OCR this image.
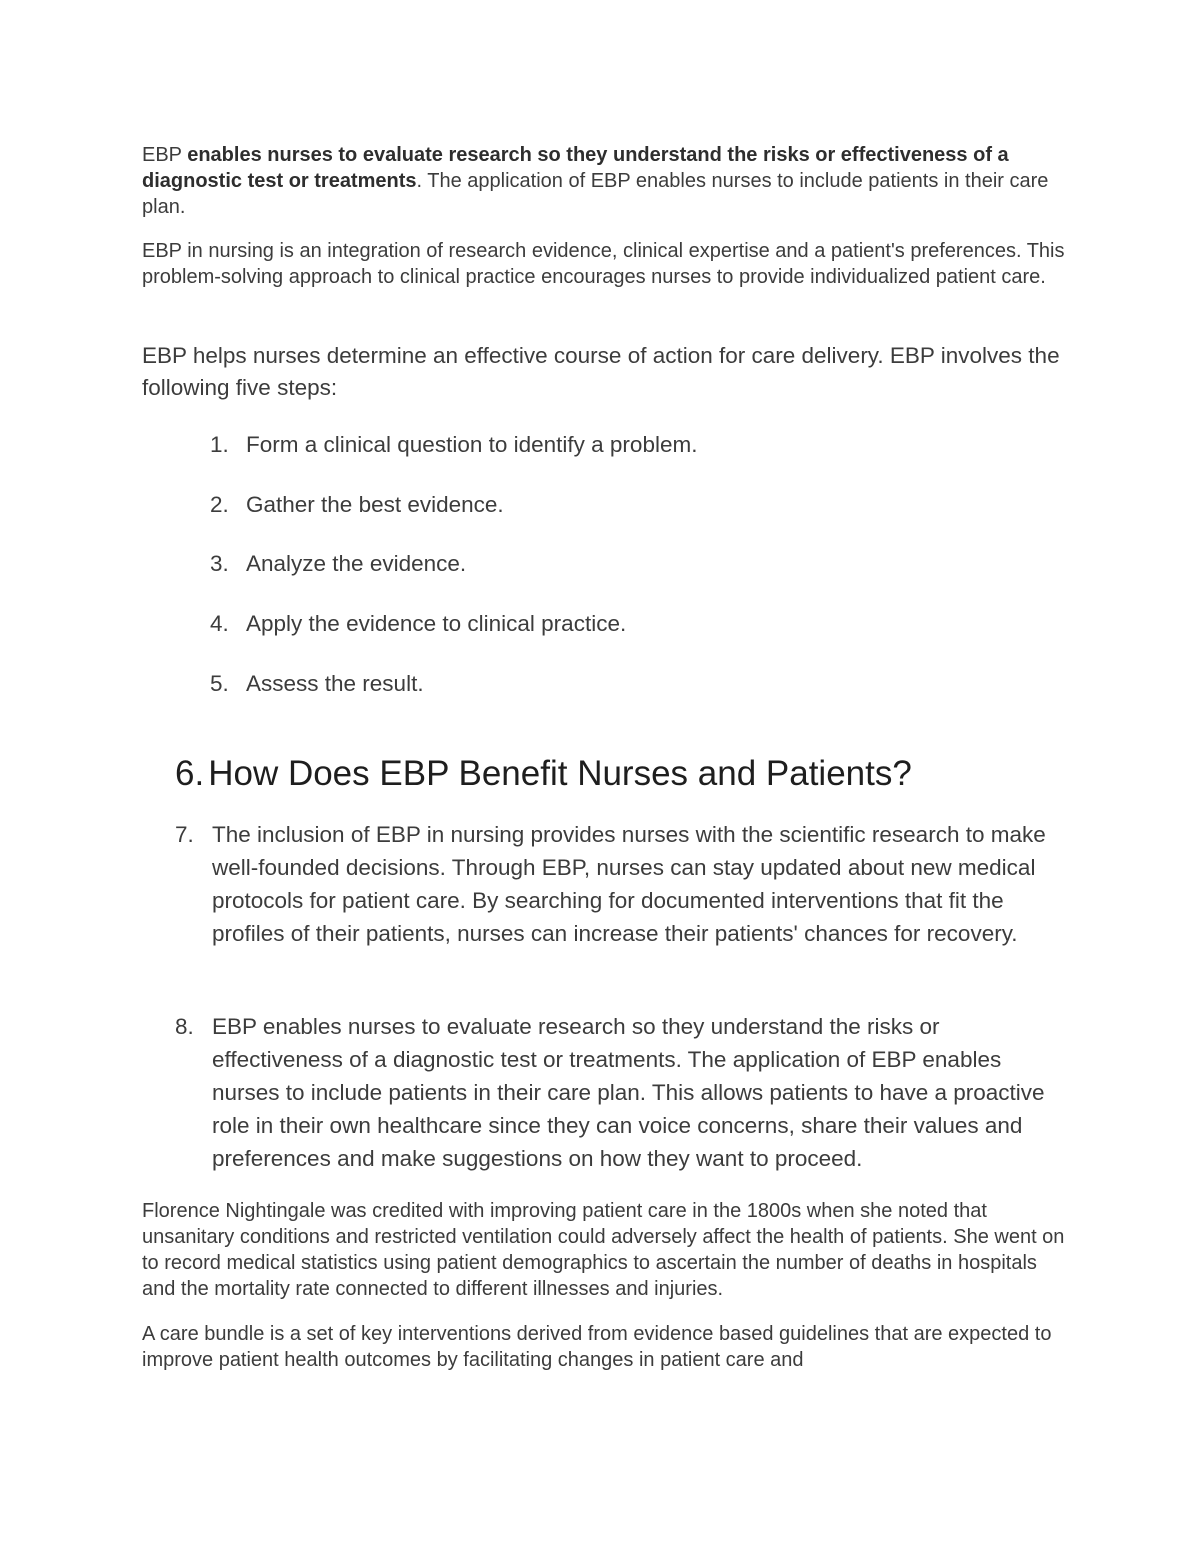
EBP enables nurses to evaluate research so they understand the risks or effectiveness of a diagnostic test or treatments. The application of EBP enables nurses to include patients in their care plan.

EBP in nursing is an integration of research evidence, clinical expertise and a patient's preferences. This problem-solving approach to clinical practice encourages nurses to provide individualized patient care.

EBP helps nurses determine an effective course of action for care delivery. EBP involves the following five steps:

1. Form a clinical question to identify a problem.
2. Gather the best evidence.
3. Analyze the evidence.
4. Apply the evidence to clinical practice.
5. Assess the result.
6. How Does EBP Benefit Nurses and Patients?
7. The inclusion of EBP in nursing provides nurses with the scientific research to make well-founded decisions. Through EBP, nurses can stay updated about new medical protocols for patient care. By searching for documented interventions that fit the profiles of their patients, nurses can increase their patients' chances for recovery.
8. EBP enables nurses to evaluate research so they understand the risks or effectiveness of a diagnostic test or treatments. The application of EBP enables nurses to include patients in their care plan. This allows patients to have a proactive role in their own healthcare since they can voice concerns, share their values and preferences and make suggestions on how they want to proceed.

Florence Nightingale was credited with improving patient care in the 1800s when she noted that unsanitary conditions and restricted ventilation could adversely affect the health of patients. She went on to record medical statistics using patient demographics to ascertain the number of deaths in hospitals and the mortality rate connected to different illnesses and injuries.

A care bundle is a set of key interventions derived from evidence based guidelines that are expected to improve patient health outcomes by facilitating changes in patient care and
